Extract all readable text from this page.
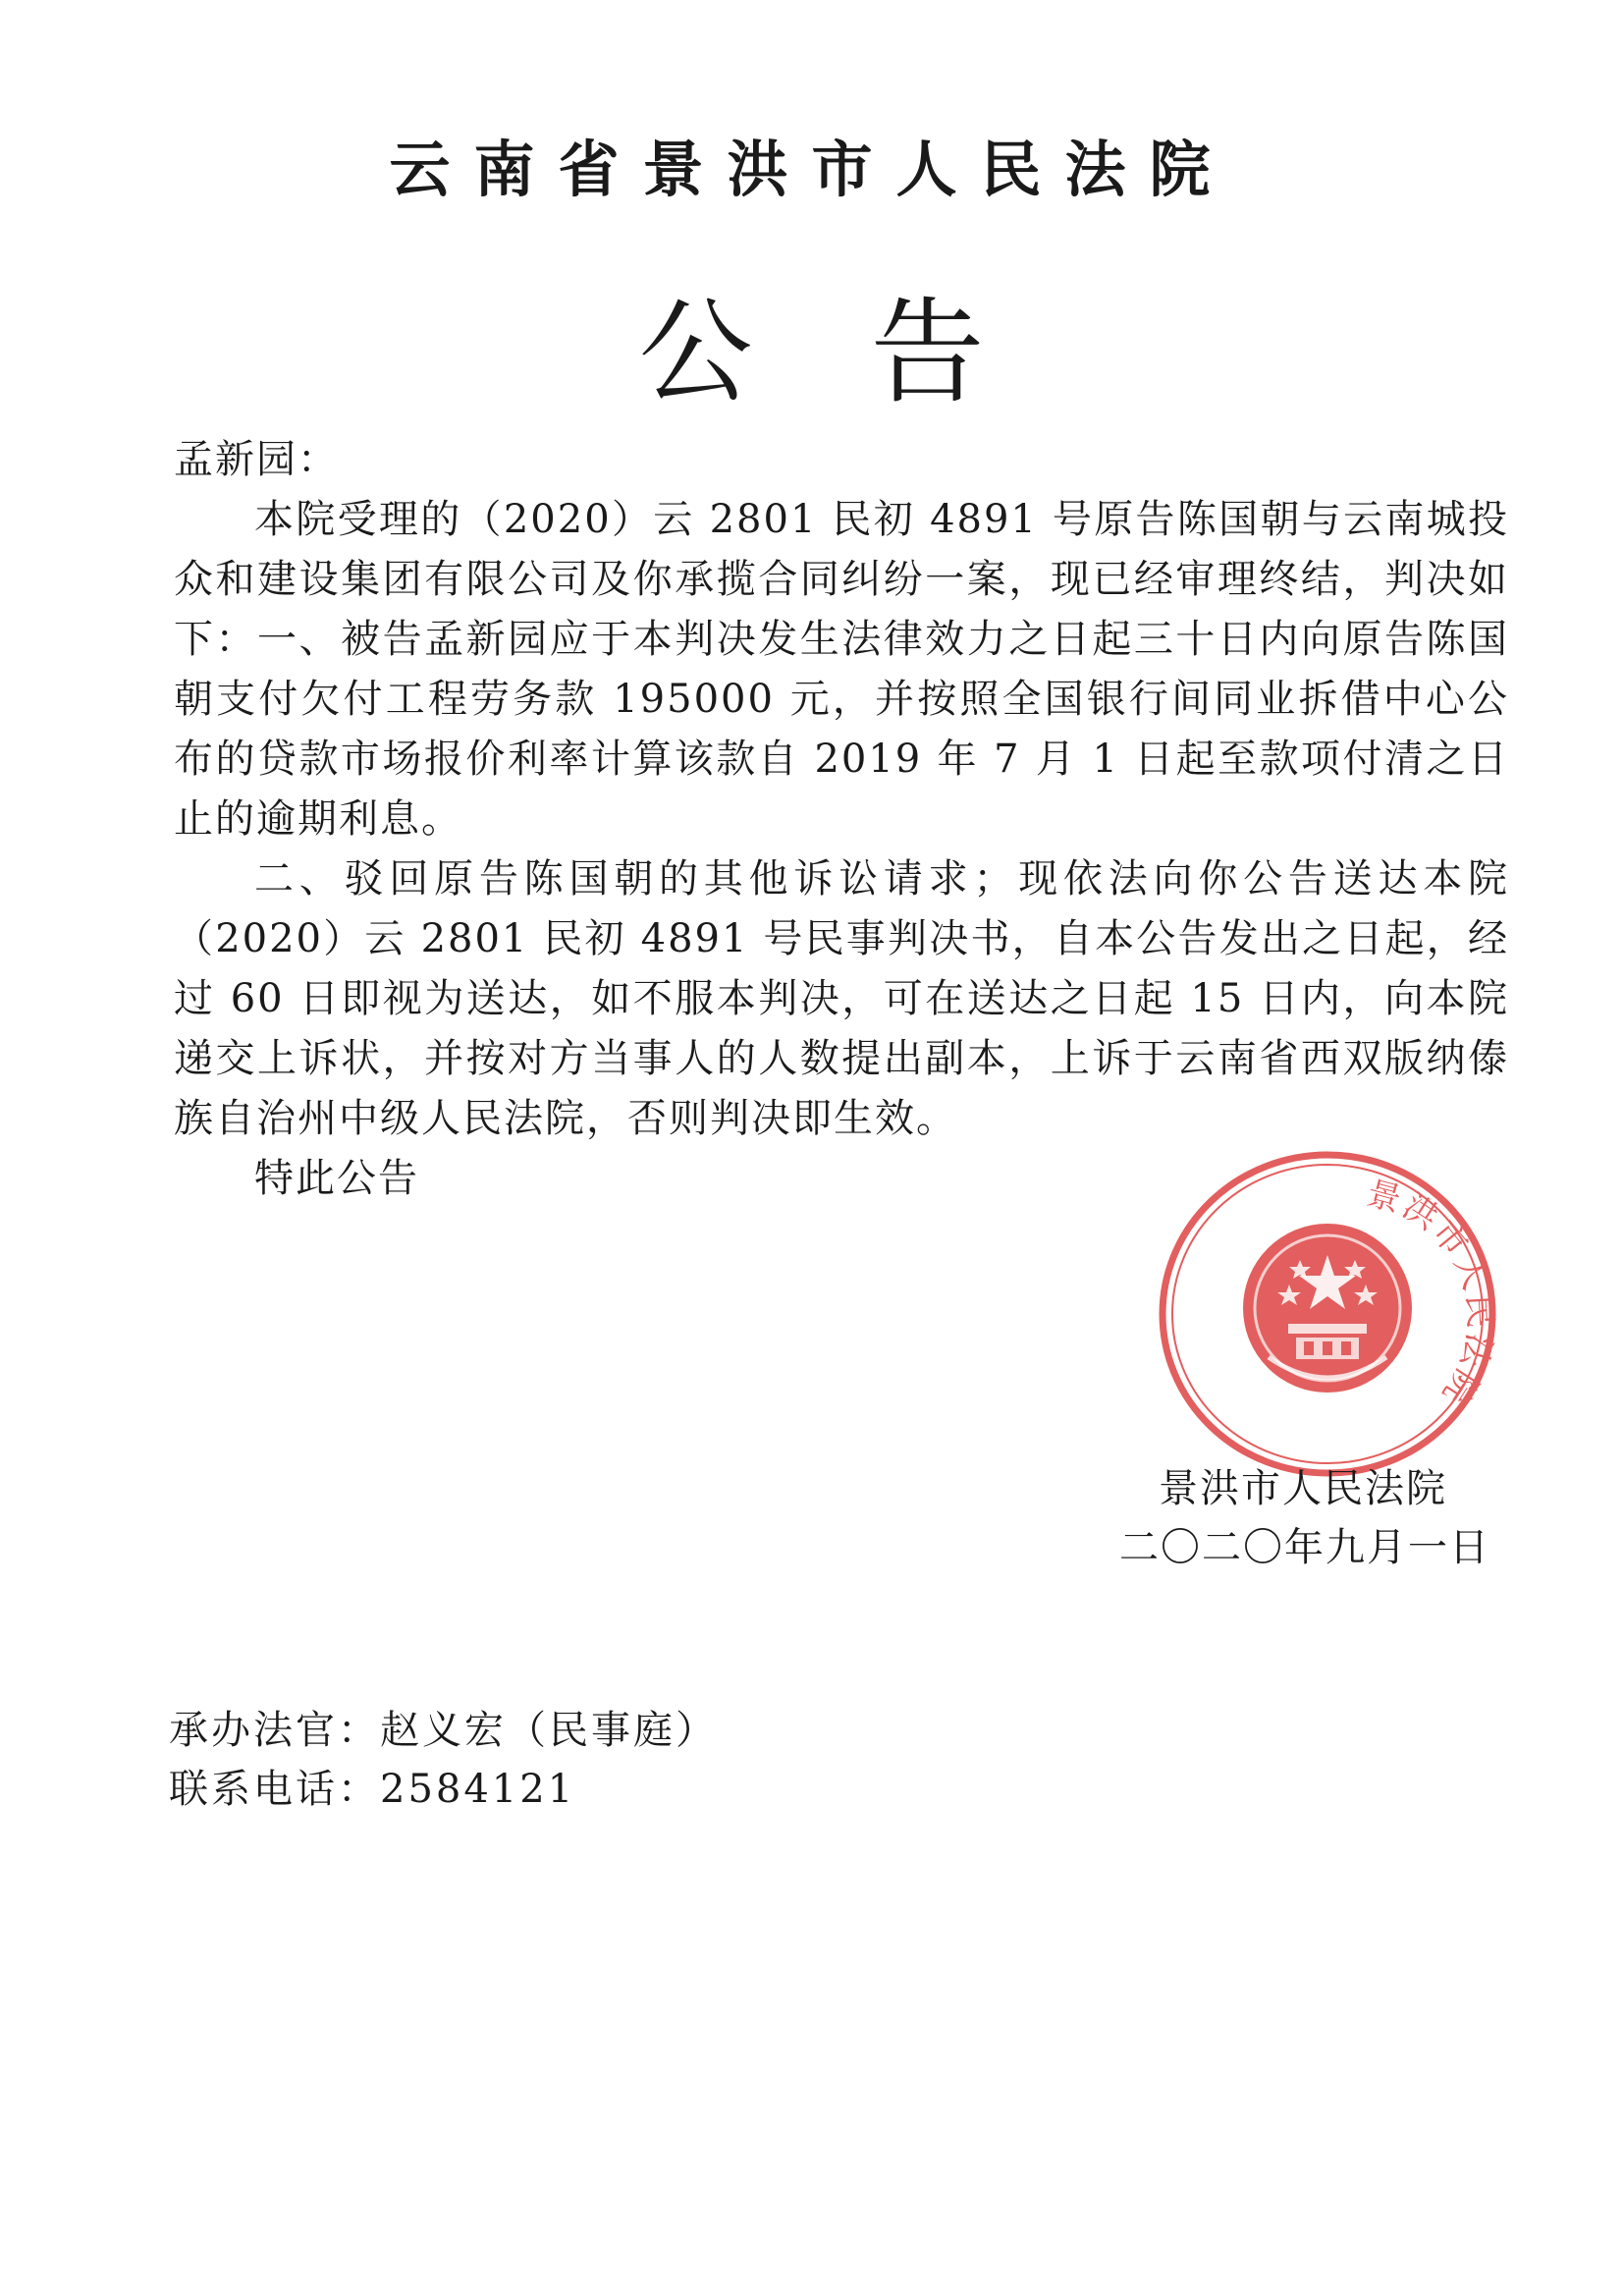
云南省景洪市人民法院
公告

孟新园：

本院受理的（2020）云 2801 民初 4891 号原告陈国朝与云南城投众和建设集团有限公司及你承揽合同纠纷一案，现已经审理终结，判决如下：一、被告孟新园应于本判决发生法律效力之日起三十日内向原告陈国朝支付欠付工程劳务款 195000 元，并按照全国银行间同业拆借中心公布的贷款市场报价利率计算该款自 2019 年 7 月 1 日起至款项付清之日止的逾期利息。

二、驳回原告陈国朝的其他诉讼请求；现依法向你公告送达本院（2020）云 2801 民初 4891 号民事判决书，自本公告发出之日起，经过 60 日即视为送达，如不服本判决，可在送达之日起 15 日内，向本院递交上诉状，并按对方当事人的人数提出副本，上诉于云南省西双版纳傣族自治州中级人民法院，否则判决即生效。

特此公告	景洪市人民法院
景洪市人民法院
二〇二〇年九月一日

承办法官：赵义宏（民事庭）

联系电话：2584121
